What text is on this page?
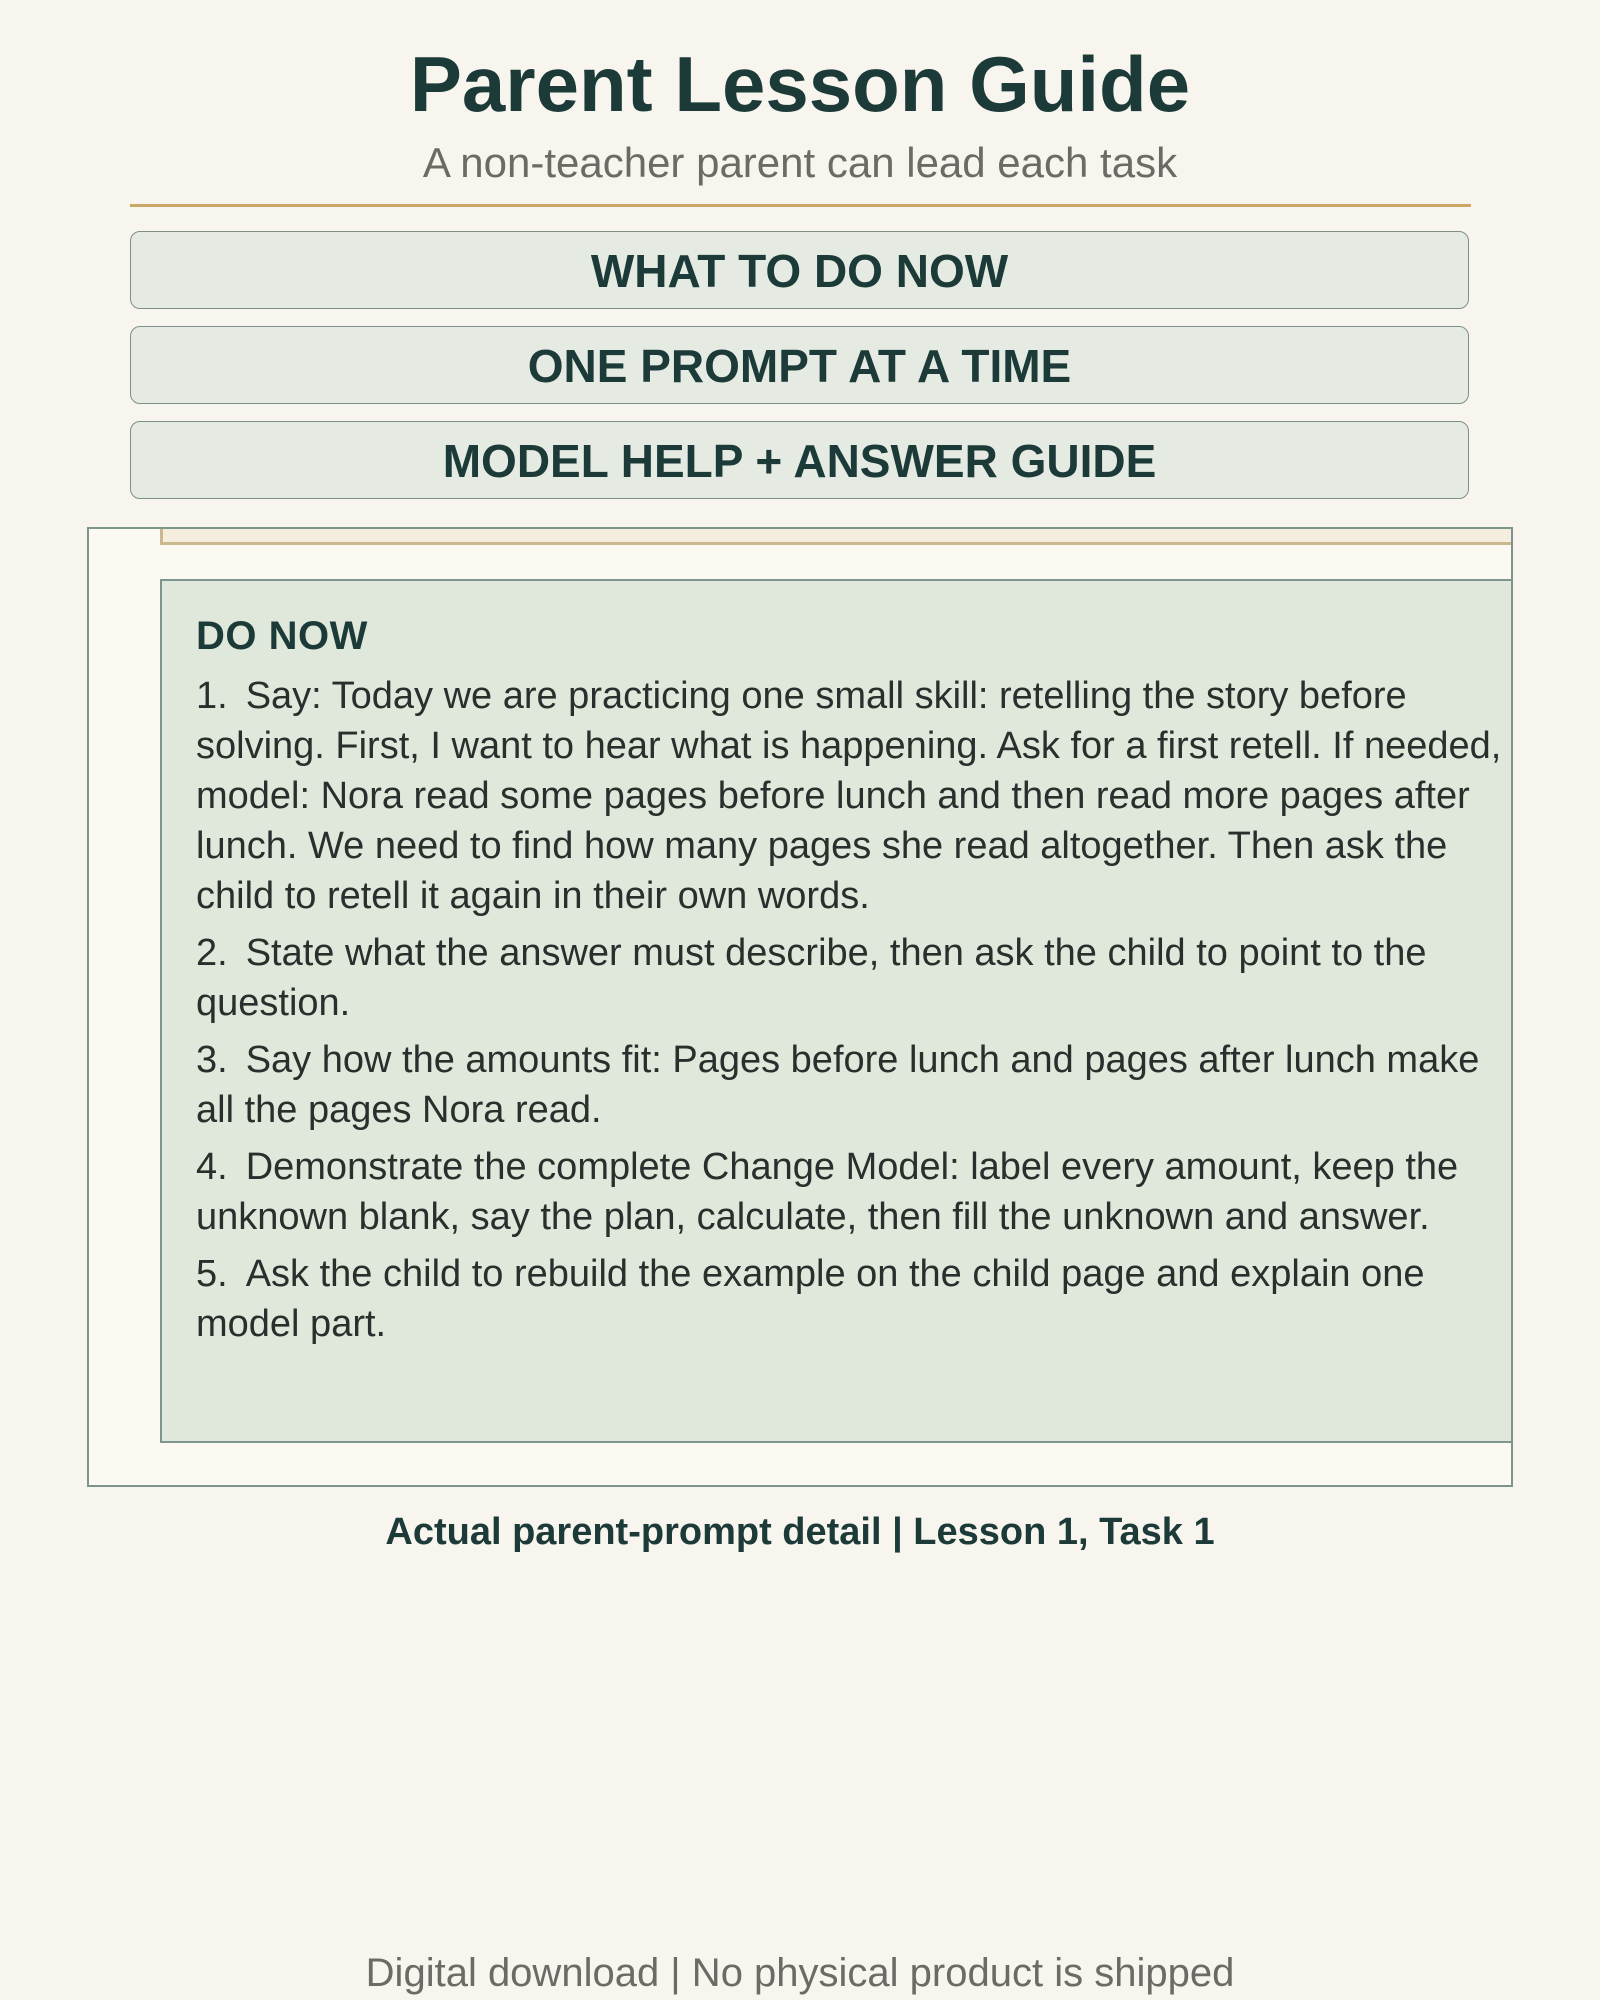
Parent Lesson Guide
A non-teacher parent can lead each task
WHAT TO DO NOW
ONE PROMPT AT A TIME
MODEL HELP + ANSWER GUIDE
DO NOW
1. Say: Today we are practicing one small skill: retelling the story before solving. First, I want to hear what is happening. Ask for a first retell. If needed, model: Nora read some pages before lunch and then read more pages after lunch. We need to find how many pages she read altogether. Then ask the child to retell it again in their own words.
2. State what the answer must describe, then ask the child to point to the question.
3. Say how the amounts fit: Pages before lunch and pages after lunch make all the pages Nora read.
4. Demonstrate the complete Change Model: label every amount, keep the unknown blank, say the plan, calculate, then fill the unknown and answer.
5. Ask the child to rebuild the example on the child page and explain one model part.
Actual parent-prompt detail | Lesson 1, Task 1
Digital download | No physical product is shipped
